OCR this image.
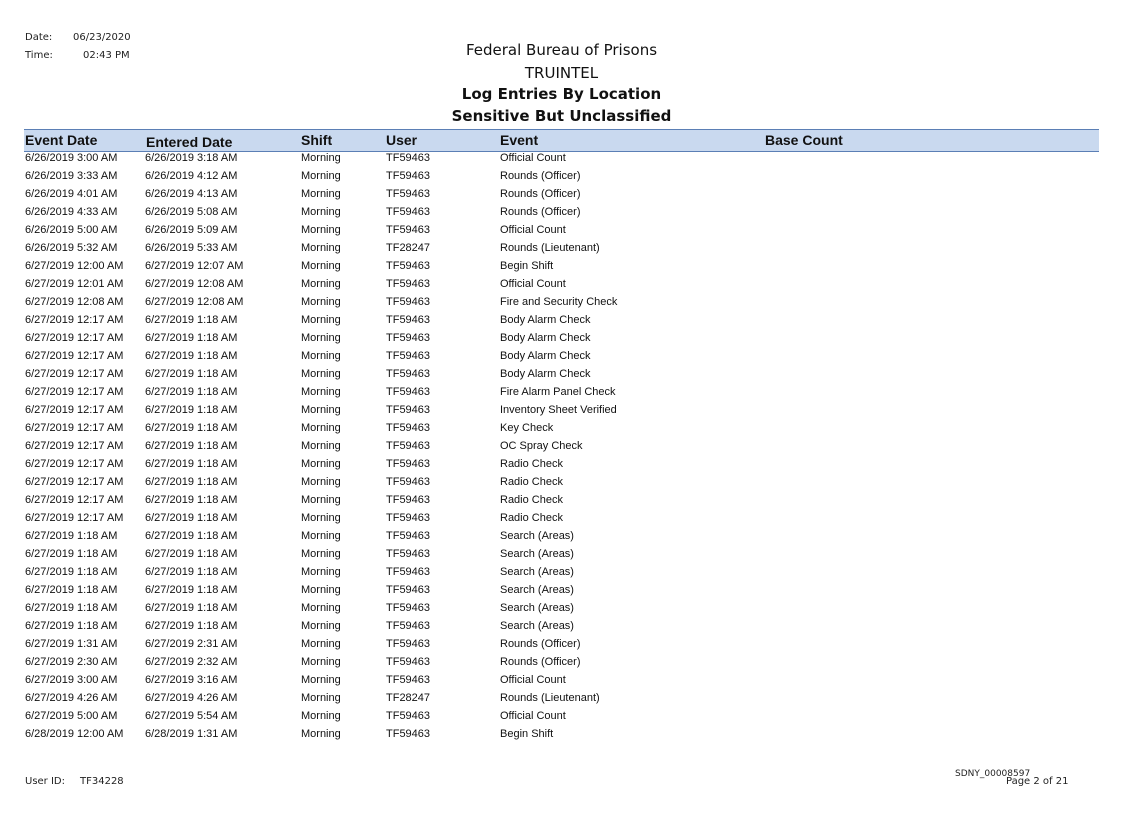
Date: 06/23/2020
Time:	02:43 PM	Federal Bureau of Prisons
TRUINTEL
Log Entries By Location
Sensitive But Unclassified
Event Date	Entered Date	Shift	User	Event	Base Count
6/26/2019 3:00 AM	6/26/2019 3:18 AM	Morning	TF59463	Official Count
6/26/2019 3:33 AM	6/26/2019 4:12 AM	Morning	TF59463	Rounds (Officer)
6/26/2019 4:01 AM	6/26/2019 4:13 AM	Morning	TF59463	Rounds (Officer)
6/26/2019 4:33 AM	6/26/2019 5:08 AM	Morning	TF59463	Rounds (Officer)
6/26/2019 5:00 AM	6/26/2019 5:09 AM	Morning	TF59463	Official Count
6/26/2019 5:32 AM	6/26/2019 5:33 AM	Morning	TF28247	Rounds (Lieutenant)
6/27/2019 12:00 AM 6/27/2019 12:07 AM	Morning	TF59463	Begin Shift
6/27/2019 12:01 AM 6/27/2019 12:08 AM	Morning	TF59463	Official Count
6/27/2019 12:08 AM 6/27/2019 12:08 AM	Morning	TF59463	Fire and Security Check
6/27/2019 12:17 AM 6/27/2019 1:18 AM	Morning	TF59463	Body Alarm Check
6/27/2019 12:17 AM 6/27/2019 1:18 AM	Morning	TF59463	Body Alarm Check
6/27/2019 12:17 AM 6/27/2019 1:18 AM	Morning	TF59463	Body Alarm Check
6/27/2019 12:17 AM 6/27/2019 1:18 AM	Morning	TF59463	Body Alarm Check
6/27/2019 12:17 AM 6/27/2019 1:18 AM	Morning	TF59463	Fire Alarm Panel Check
6/27/2019 12:17 AM 6/27/2019 1:18 AM	Morning	TF59463	Inventory Sheet Verified
6/27/2019 12:17 AM 6/27/2019 1:18 AM	Morning	TF59463	Key Check
6/27/2019 12:17 AM 6/27/2019 1:18 AM	Morning	TF59463	OC Spray Check
6/27/2019 12:17 AM 6/27/2019 1:18 AM	Morning	TF59463	Radio Check
6/27/2019 12:17 AM 6/27/2019 1:18 AM	Morning	TF59463	Radio Check
6/27/2019 12:17 AM 6/27/2019 1:18 AM	Morning	TF59463	Radio Check
6/27/2019 12:17 AM 6/27/2019 1:18 AM	Morning	TF59463	Radio Check
6/27/2019 1:18 AM	6/27/2019 1:18 AM	Morning	TF59463	Search (Areas)
6/27/2019 1:18 AM	6/27/2019 1:18 AM	Morning	TF59463	Search (Areas)
6/27/2019 1:18 AM	6/27/2019 1:18 AM	Morning	TF59463	Search (Areas)
6/27/2019 1:18 AM	6/27/2019 1:18 AM	Morning	TF59463	Search (Areas)
6/27/2019 1:18 AM	6/27/2019 1:18 AM	Morning	TF59463	Search (Areas)
6/27/2019 1:18 AM	6/27/2019 1:18 AM	Morning	TF59463	Search (Areas)
6/27/2019 1:31 AM	6/27/2019 2:31 AM	Morning	TF59463	Rounds (Officer)
6/27/2019 2:30 AM	6/27/2019 2:32 AM	Morning	TF59463	Rounds (Officer)
6/27/2019 3:00 AM	6/27/2019 3:16 AM	Morning	TF59463	Official Count
6/27/2019 4:26 AM	6/27/2019 4:26 AM	Morning	TF28247	Rounds (Lieutenant)
6/27/2019 5:00 AM	6/27/2019 5:54 AM	Morning	TF59463	Official Count
6/28/2019 12:00 AM 6/28/2019 1:31 AM	Morning	TF59463	Begin Shift
User ID: TF34228
SDNY_00008597
Page 2 of 21
